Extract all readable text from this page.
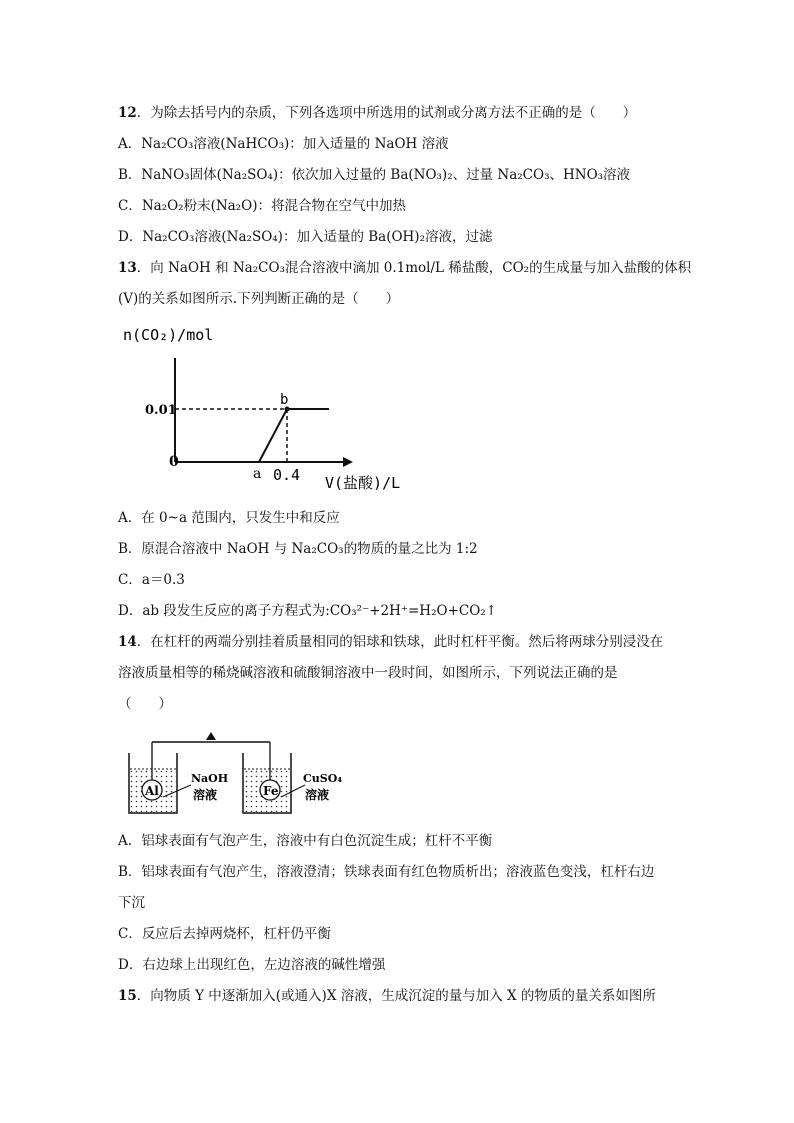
12．为除去括号内的杂质，下列各选项中所选用的试剂或分离方法不正确的是（　　）
A．Na₂CO₃溶液(NaHCO₃)：加入适量的 NaOH 溶液
B．NaNO₃固体(Na₂SO₄)：依次加入过量的 Ba(NO₃)₂、过量 Na₂CO₃、HNO₃溶液
C．Na₂O₂粉末(Na₂O)：将混合物在空气中加热
D．Na₂CO₃溶液(Na₂SO₄)：加入适量的 Ba(OH)₂溶液，过滤
13．向 NaOH 和 Na₂CO₃混合溶液中滴加 0.1mol/L 稀盐酸，CO₂的生成量与加入盐酸的体积
(V)的关系如图所示.下列判断正确的是（　　）
n(CO₂)/mol
b
0.01
0
a 0.4 V(盐酸)/L
A．在 0~a 范围内，只发生中和反应
B．原混合溶液中 NaOH 与 Na₂CO₃的物质的量之比为 1:2
C．a＝0.3
D．ab 段发生反应的离子方程式为:CO₃²⁻+2H⁺=H₂O+CO₂↑
14．在杠杆的两端分别挂着质量相同的铝球和铁球，此时杠杆平衡。然后将两球分别浸没在
溶液质量相等的稀烧碱溶液和硫酸铜溶液中一段时间，如图所示，下列说法正确的是
（　　）
Al	Fe
NaOH
溶液
CuSO₄
溶液
A．铝球表面有气泡产生，溶液中有白色沉淀生成；杠杆不平衡
B．铝球表面有气泡产生，溶液澄清；铁球表面有红色物质析出；溶液蓝色变浅，杠杆右边
下沉
C．反应后去掉两烧杯，杠杆仍平衡
D．右边球上出现红色，左边溶液的碱性增强
15．向物质 Y 中逐渐加入(或通入)X 溶液，生成沉淀的量与加入 X 的物质的量关系如图所
